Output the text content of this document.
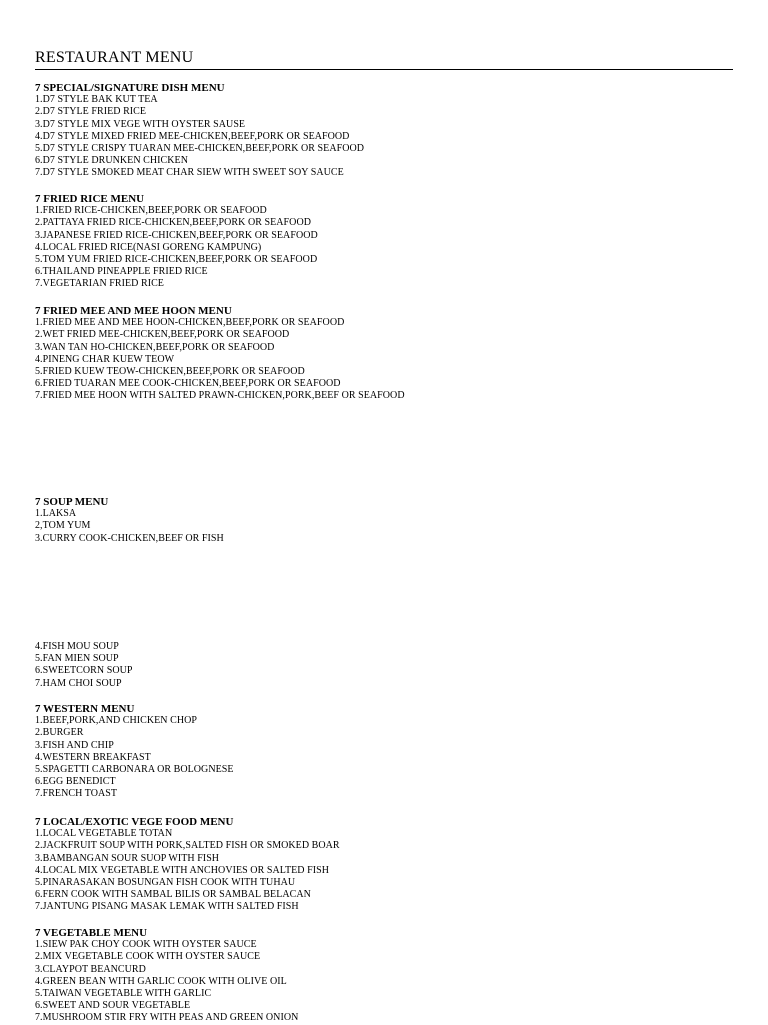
RESTAURANT MENU
7 SPECIAL/SIGNATURE DISH MENU
1.D7 STYLE BAK KUT TEA
2.D7 STYLE FRIED RICE
3.D7 STYLE MIX VEGE WITH OYSTER SAUSE
4.D7 STYLE MIXED FRIED MEE-CHICKEN,BEEF,PORK OR SEAFOOD
5.D7 STYLE CRISPY TUARAN MEE-CHICKEN,BEEF,PORK OR SEAFOOD
6.D7 STYLE DRUNKEN CHICKEN
7.D7 STYLE SMOKED MEAT CHAR SIEW WITH SWEET SOY SAUCE
7 FRIED RICE MENU
1.FRIED RICE-CHICKEN,BEEF,PORK OR SEAFOOD
2.PATTAYA FRIED RICE-CHICKEN,BEEF,PORK OR SEAFOOD
3.JAPANESE FRIED RICE-CHICKEN,BEEF,PORK OR SEAFOOD
4.LOCAL FRIED RICE(NASI GORENG KAMPUNG)
5.TOM YUM FRIED RICE-CHICKEN,BEEF,PORK OR SEAFOOD
6.THAILAND PINEAPPLE FRIED RICE
7.VEGETARIAN FRIED RICE
7 FRIED MEE AND MEE HOON MENU
1.FRIED MEE AND MEE HOON-CHICKEN,BEEF,PORK OR SEAFOOD
2.WET FRIED MEE-CHICKEN,BEEF,PORK OR SEAFOOD
3.WAN TAN HO-CHICKEN,BEEF,PORK OR SEAFOOD
4.PINENG CHAR KUEW TEOW
5.FRIED KUEW TEOW-CHICKEN,BEEF,PORK OR SEAFOOD
6.FRIED TUARAN MEE COOK-CHICKEN,BEEF,PORK OR SEAFOOD
7.FRIED MEE HOON WITH SALTED PRAWN-CHICKEN,PORK,BEEF OR SEAFOOD
7 SOUP MENU
1.LAKSA
2,TOM YUM
3.CURRY COOK-CHICKEN,BEEF OR FISH
4.FISH MOU SOUP
5.FAN MIEN SOUP
6.SWEETCORN SOUP
7.HAM CHOI SOUP
7 WESTERN MENU
1.BEEF,PORK,AND CHICKEN CHOP
2.BURGER
3.FISH AND CHIP
4.WESTERN BREAKFAST
5.SPAGETTI CARBONARA OR BOLOGNESE
6.EGG BENEDICT
7.FRENCH TOAST
7 LOCAL/EXOTIC VEGE FOOD MENU
1.LOCAL VEGETABLE TOTAN
2.JACKFRUIT SOUP WITH PORK,SALTED FISH OR SMOKED BOAR
3.BAMBANGAN SOUR SUOP WITH FISH
4.LOCAL MIX VEGETABLE WITH ANCHOVIES OR SALTED FISH
5.PINARASAKAN BOSUNGAN FISH COOK WITH TUHAU
6.FERN COOK WITH SAMBAL BILIS OR SAMBAL BELACAN
7.JANTUNG PISANG MASAK LEMAK WITH SALTED FISH
7 VEGETABLE MENU
1.SIEW PAK CHOY COOK WITH OYSTER SAUCE
2.MIX VEGETABLE COOK WITH OYSTER SAUCE
3.CLAYPOT BEANCURD
4.GREEN BEAN WITH GARLIC COOK WITH OLIVE OIL
5.TAIWAN VEGETABLE WITH GARLIC
6.SWEET AND SOUR VEGETABLE
7.MUSHROOM STIR FRY WITH PEAS AND GREEN ONION
